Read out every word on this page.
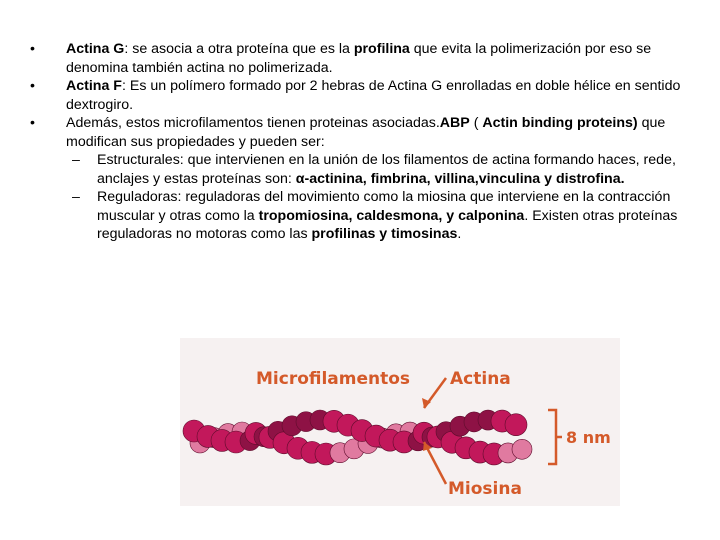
•	Actina G: se asocia a otra proteína que es la profilina que evita la polimerización por eso se denomina también actina no polimerizada.
•	Actina F: Es un polímero formado por 2 hebras de Actina G enrolladas en doble hélice en sentido dextrogiro.
•	Además, estos microfilamentos tienen proteinas asociadas.ABP ( Actin binding proteins) que modifican sus propiedades y pueden ser:
– Estructurales: que intervienen en la unión de los filamentos de actina formando haces, rede, anclajes y estas proteínas son: α-actinina, fimbrina, villina,vinculina y distrofina.
– Reguladoras: reguladoras del movimiento como la miosina que interviene en la contracción muscular y otras como la tropomiosina, caldesmona, y calponina. Existen otras proteínas reguladoras no motoras como las profilinas y timosinas.
Microfilamentos Actina
Miosina
8 nm
